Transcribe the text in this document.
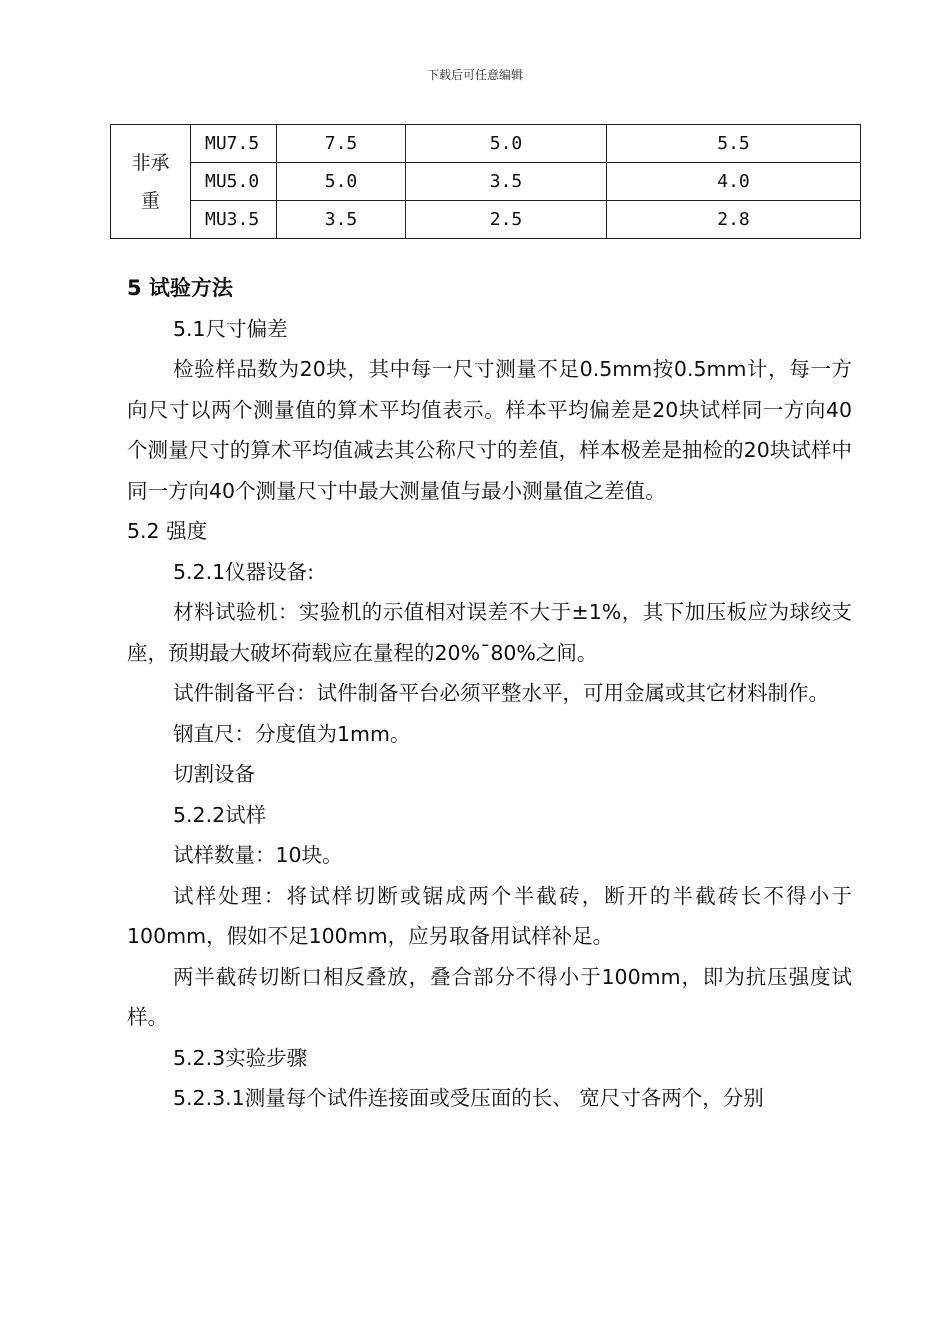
下载后可任意编辑
非承
重	MU7.5	7.5	5.0	5.5
	MU5.0	5.0	3.5	4.0
	MU3.5	3.5	2.5	2.8

5 试验方法

5.1尺寸偏差

检验样品数为20块，其中每一尺寸测量不足0.5mm按0.5mm计，每一方向尺寸以两个测量值的算术平均值表示。样本平均偏差是20块试样同一方向40个测量尺寸的算术平均值减去其公称尺寸的差值，样本极差是抽检的20块试样中同一方向40个测量尺寸中最大测量值与最小测量值之差值。

5.2 强度

5.2.1仪器设备:

材料试验机：实验机的示值相对误差不大于±1%，其下加压板应为球绞支座，预期最大破坏荷载应在量程的20%¯80%之间。

试件制备平台：试件制备平台必须平整水平，可用金属或其它材料制作。

钢直尺：分度值为1mm。

切割设备

5.2.2试样

试样数量：10块。

试样处理：将试样切断或锯成两个半截砖，断开的半截砖长不得小于100mm，假如不足100mm，应另取备用试样补足。

两半截砖切断口相反叠放，叠合部分不得小于100mm，即为抗压强度试样。

5.2.3实验步骤

5.2.3.1测量每个试件连接面或受压面的长、 宽尺寸各两个，分别
